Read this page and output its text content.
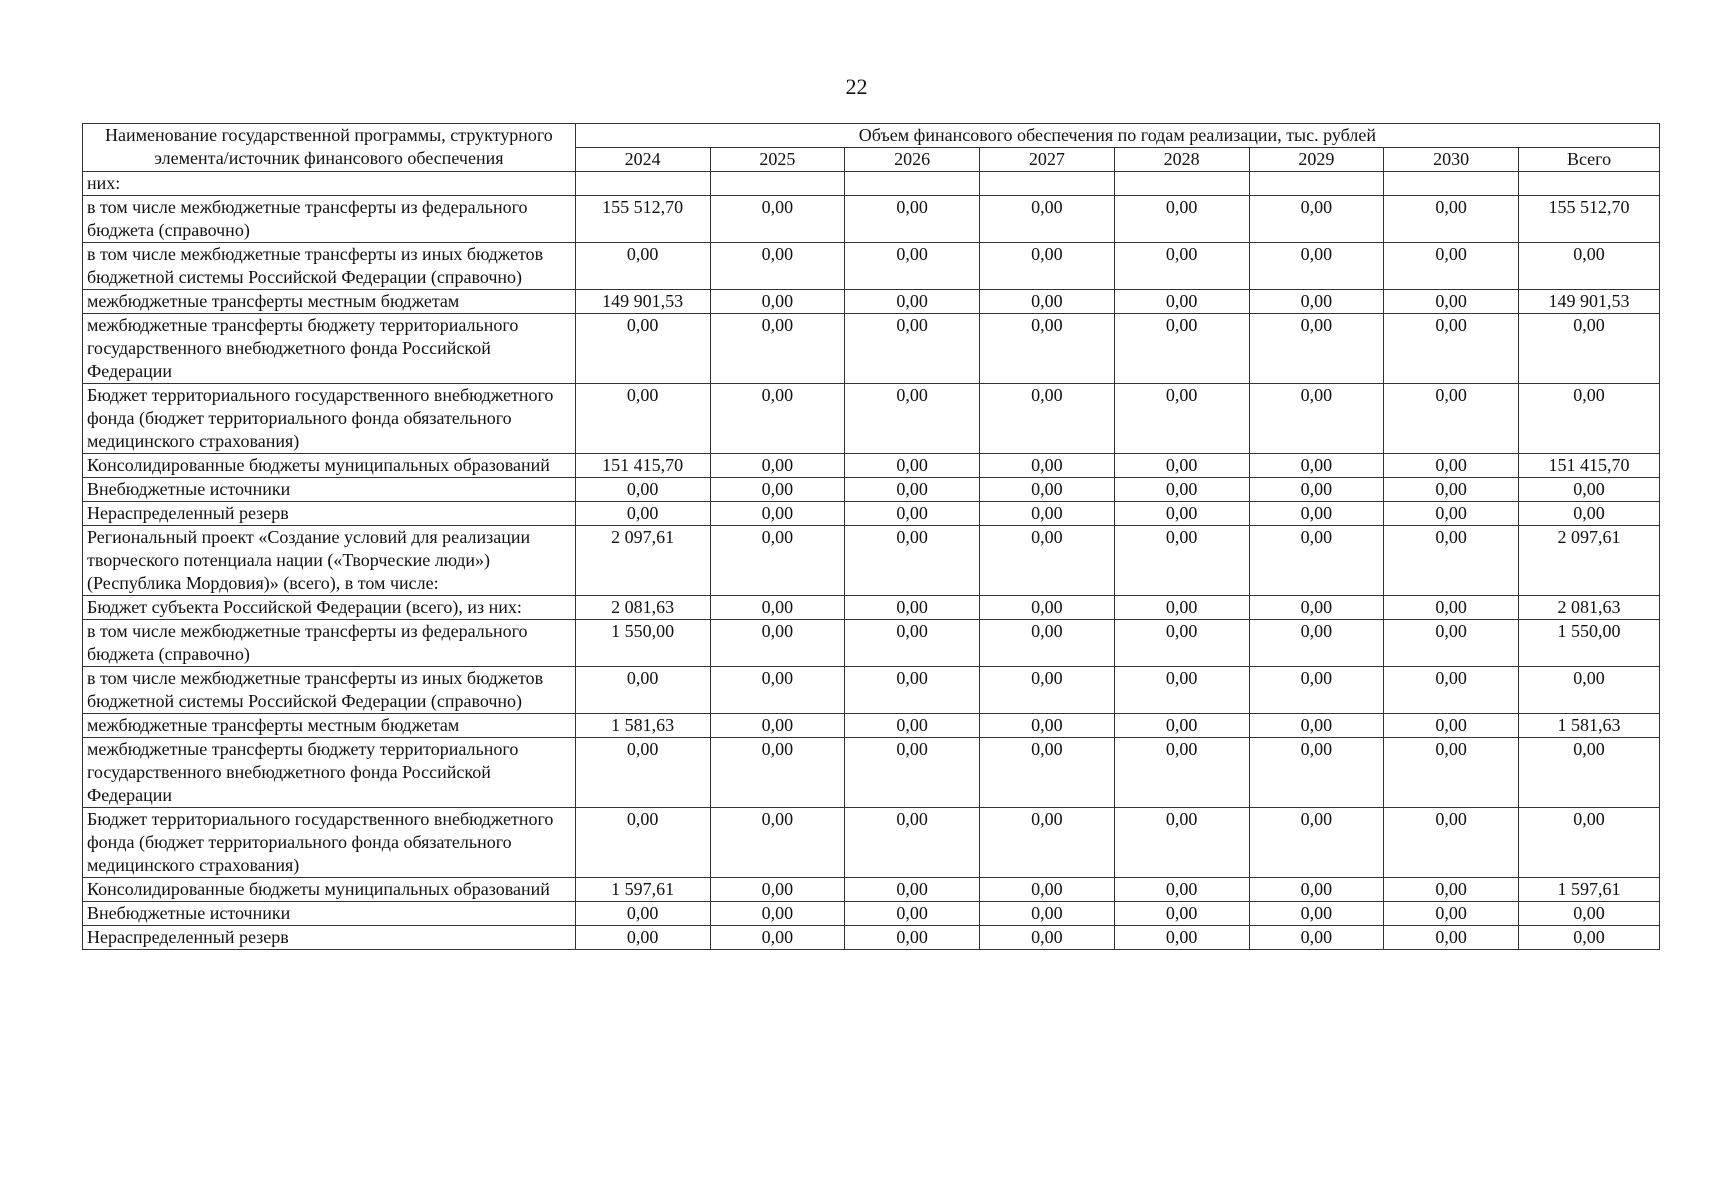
22
Наименование государственной программы, структурного элемента/источник финансового обеспечения	Объем финансового обеспечения по годам реализации, тыс. рублей							
	2024	2025	2026	2027	2028	2029	2030	Всего
них:								
в том числе межбюджетные трансферты из федерального бюджета (справочно)	155 512,70	0,00	0,00	0,00	0,00	0,00	0,00	155 512,70
в том числе межбюджетные трансферты из иных бюджетов бюджетной системы Российской Федерации (справочно)	0,00	0,00	0,00	0,00	0,00	0,00	0,00	0,00
межбюджетные трансферты местным бюджетам	149 901,53	0,00	0,00	0,00	0,00	0,00	0,00	149 901,53
межбюджетные трансферты бюджету территориального государственного внебюджетного фонда Российской Федерации	0,00	0,00	0,00	0,00	0,00	0,00	0,00	0,00
Бюджет территориального государственного внебюджетного фонда (бюджет территориального фонда обязательного медицинского страхования)	0,00	0,00	0,00	0,00	0,00	0,00	0,00	0,00
Консолидированные бюджеты муниципальных образований	151 415,70	0,00	0,00	0,00	0,00	0,00	0,00	151 415,70
Внебюджетные источники	0,00	0,00	0,00	0,00	0,00	0,00	0,00	0,00
Нераспределенный резерв	0,00	0,00	0,00	0,00	0,00	0,00	0,00	0,00
Региональный проект «Создание условий для реализации творческого потенциала нации («Творческие люди») (Республика Мордовия)» (всего), в том числе:	2 097,61	0,00	0,00	0,00	0,00	0,00	0,00	2 097,61
Бюджет субъекта Российской Федерации (всего), из них:	2 081,63	0,00	0,00	0,00	0,00	0,00	0,00	2 081,63
в том числе межбюджетные трансферты из федерального бюджета (справочно)	1 550,00	0,00	0,00	0,00	0,00	0,00	0,00	1 550,00
в том числе межбюджетные трансферты из иных бюджетов бюджетной системы Российской Федерации (справочно)	0,00	0,00	0,00	0,00	0,00	0,00	0,00	0,00
межбюджетные трансферты местным бюджетам	1 581,63	0,00	0,00	0,00	0,00	0,00	0,00	1 581,63
межбюджетные трансферты бюджету территориального государственного внебюджетного фонда Российской Федерации	0,00	0,00	0,00	0,00	0,00	0,00	0,00	0,00
Бюджет территориального государственного внебюджетного фонда (бюджет территориального фонда обязательного медицинского страхования)	0,00	0,00	0,00	0,00	0,00	0,00	0,00	0,00
Консолидированные бюджеты муниципальных образований	1 597,61	0,00	0,00	0,00	0,00	0,00	0,00	1 597,61
Внебюджетные источники	0,00	0,00	0,00	0,00	0,00	0,00	0,00	0,00
Нераспределенный резерв	0,00	0,00	0,00	0,00	0,00	0,00	0,00	0,00
